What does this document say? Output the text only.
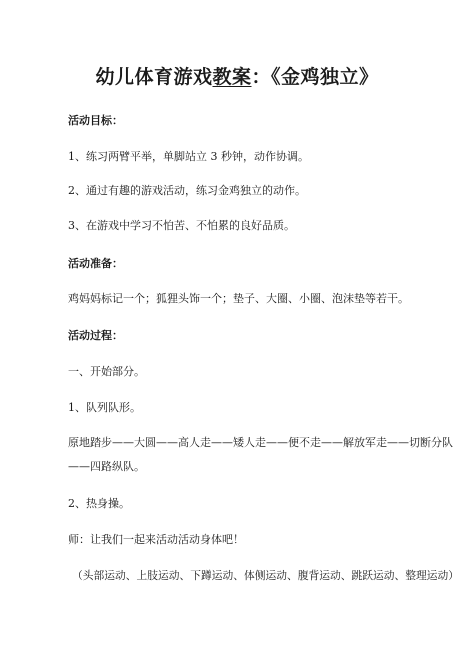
幼儿体育游戏教案：《金鸡独立》
活动目标：
1、练习两臂平举，单脚站立 3 秒钟，动作协调。
2、通过有趣的游戏活动，练习金鸡独立的动作。
3、在游戏中学习不怕苦、不怕累的良好品质。
活动准备：
鸡妈妈标记一个；狐狸头饰一个；垫子、大圈、小圈、泡沫垫等若干。
活动过程：
一、开始部分。
1、队列队形。
原地踏步——大圆——高人走——矮人走——便不走——解放军走——切断分队
——四路纵队。
2、热身操。
师：让我们一起来活动活动身体吧！
（头部运动、上肢运动、下蹲运动、体侧运动、腹背运动、跳跃运动、整理运动）
